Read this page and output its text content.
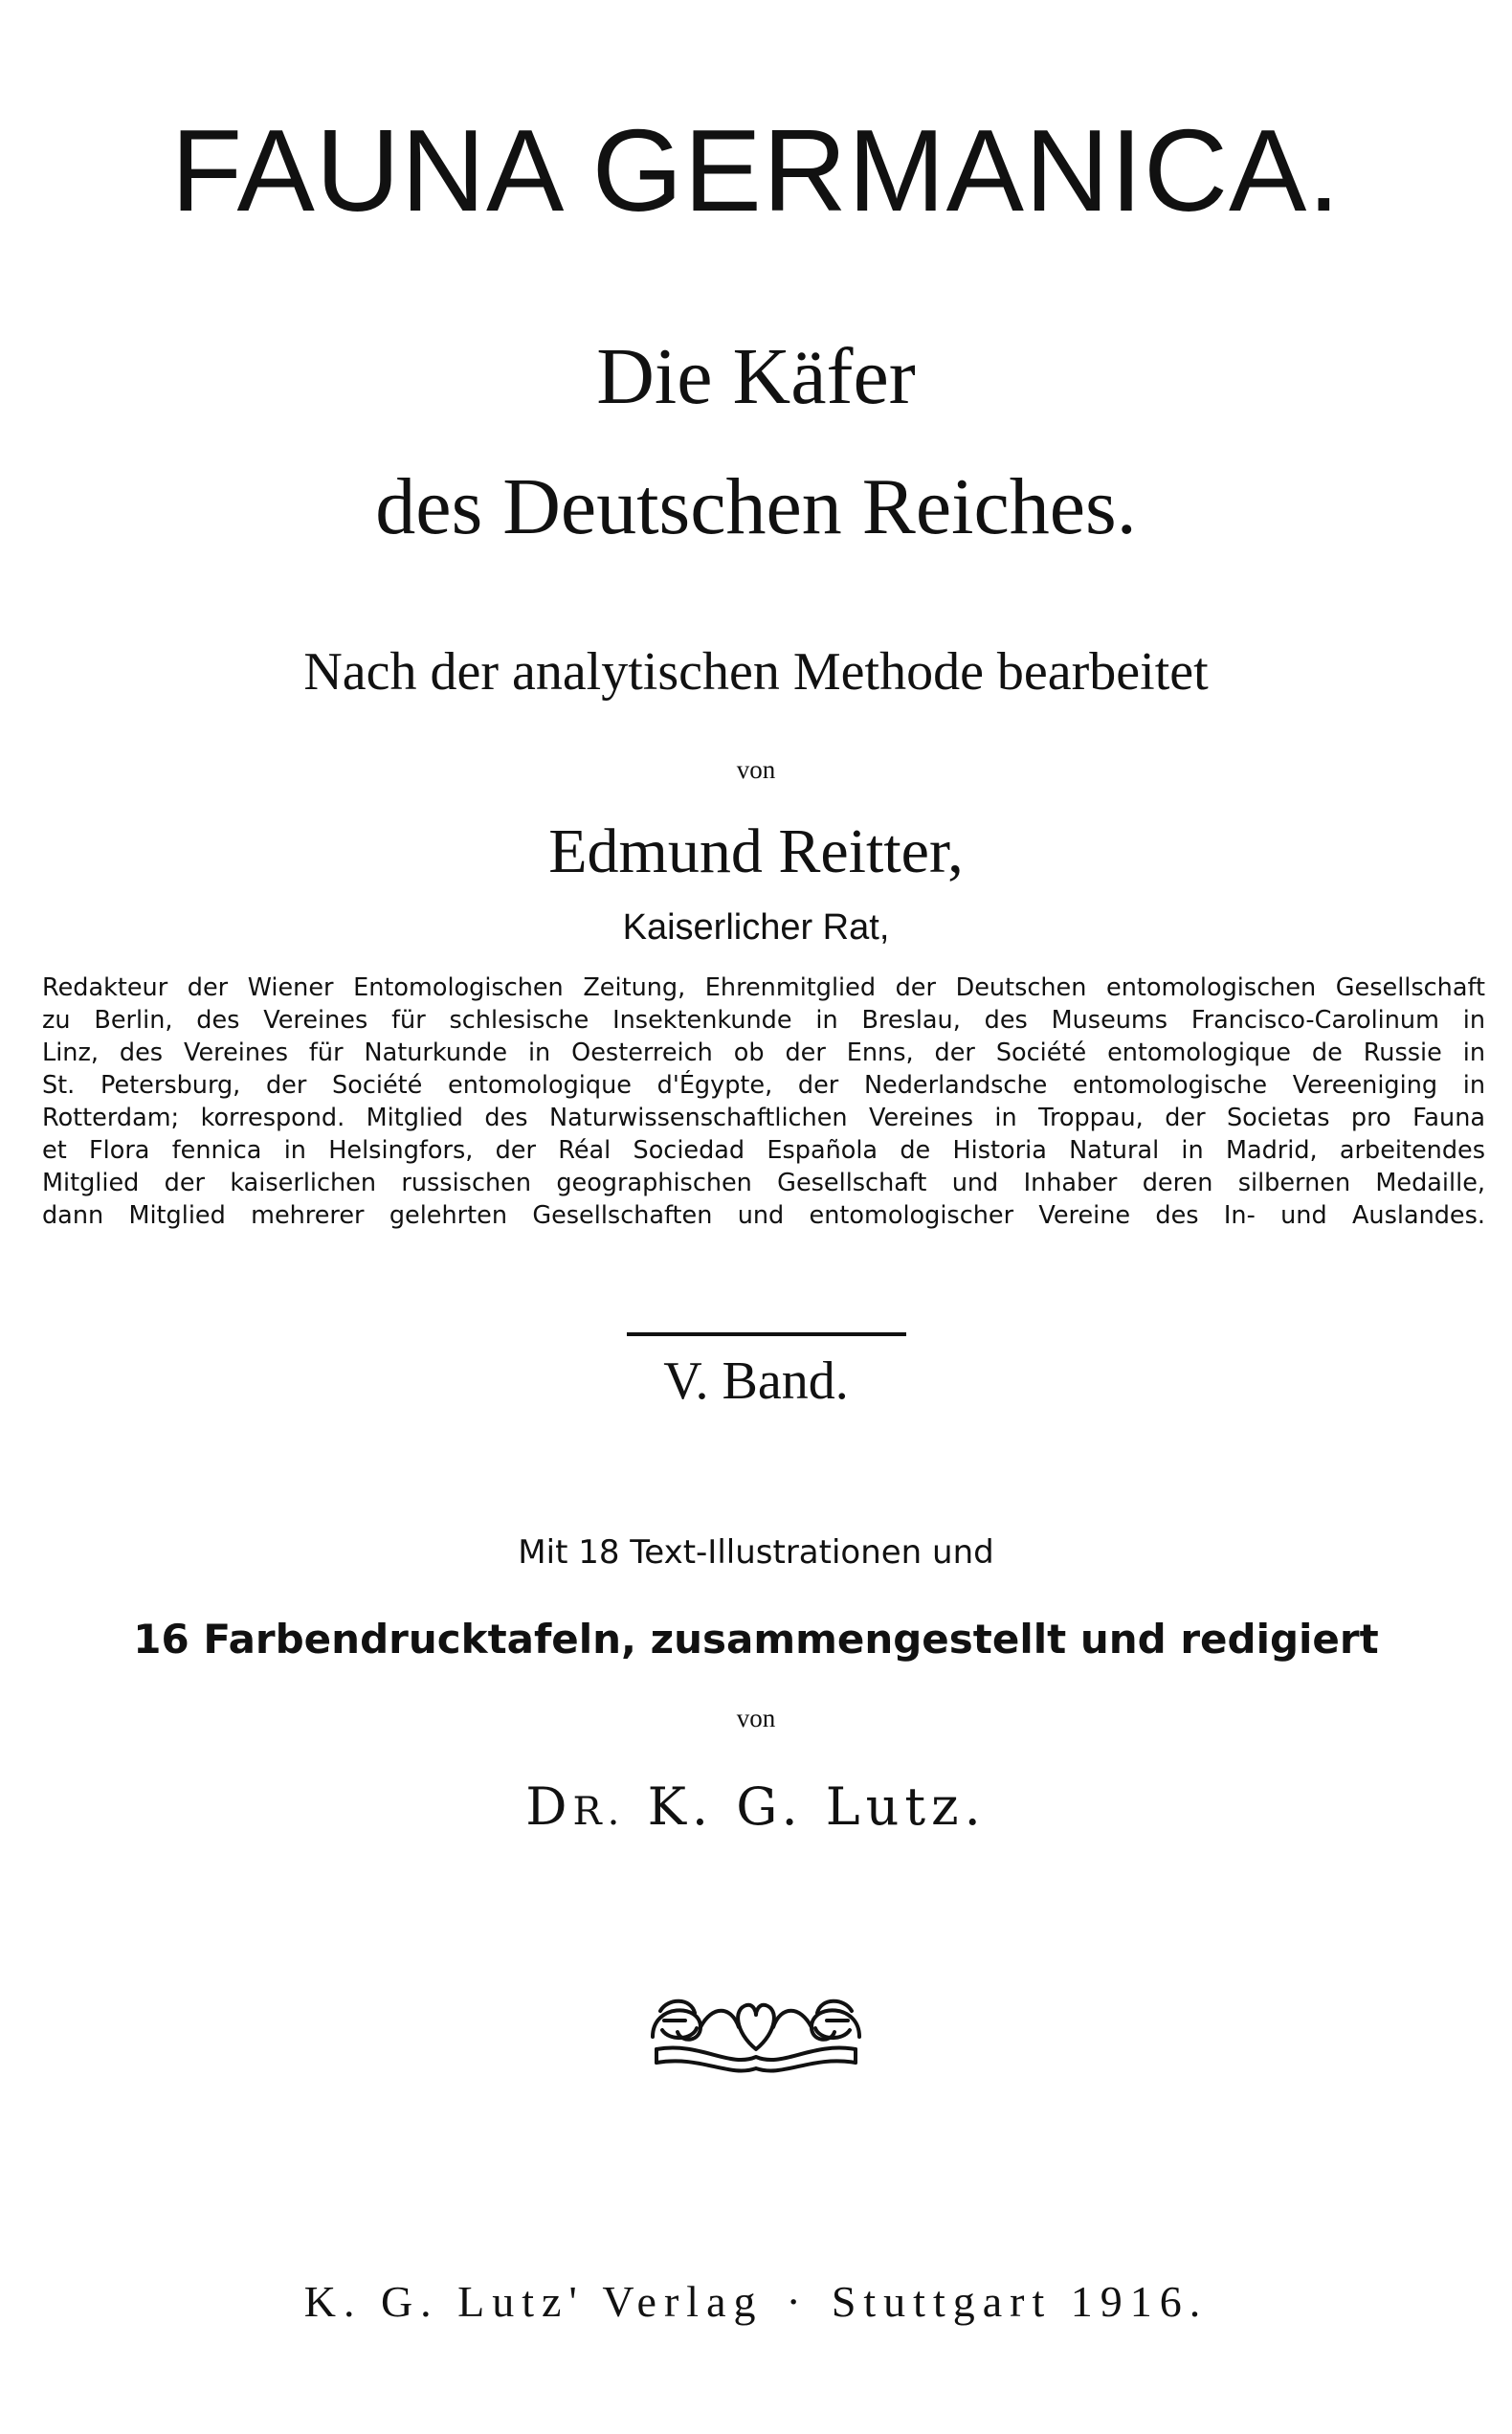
FAUNA GERMANICA.
Die Käfer
des Deutschen Reiches.
Nach der analytischen Methode bearbeitet
von
Edmund Reitter,
Kaiserlicher Rat,
Redakteur der Wiener Entomologischen Zeitung, Ehrenmitglied der Deutschen entomologischen Gesellschaft
zu Berlin, des Vereines für schlesische Insektenkunde in Breslau, des Museums Francisco-Carolinum in
Linz, des Vereines für Naturkunde in Oesterreich ob der Enns, der Société entomologique de Russie in
St. Petersburg, der Société entomologique d'Égypte, der Nederlandsche entomologische Vereeniging in
Rotterdam; korrespond. Mitglied des Naturwissenschaftlichen Vereines in Troppau, der Societas pro Fauna
et Flora fennica in Helsingfors, der Réal Sociedad Española de Historia Natural in Madrid, arbeitendes
Mitglied der kaiserlichen russischen geographischen Gesellschaft und Inhaber deren silbernen Medaille,
dann Mitglied mehrerer gelehrten Gesellschaften und entomologischer Vereine des In- und Auslandes.
V. Band.
Mit 18 Text-Illustrationen und
16 Farbendrucktafeln, zusammengestellt und redigiert
von
DR. K. G. Lutz.
K. G. Lutz' Verlag · Stuttgart 1916.
